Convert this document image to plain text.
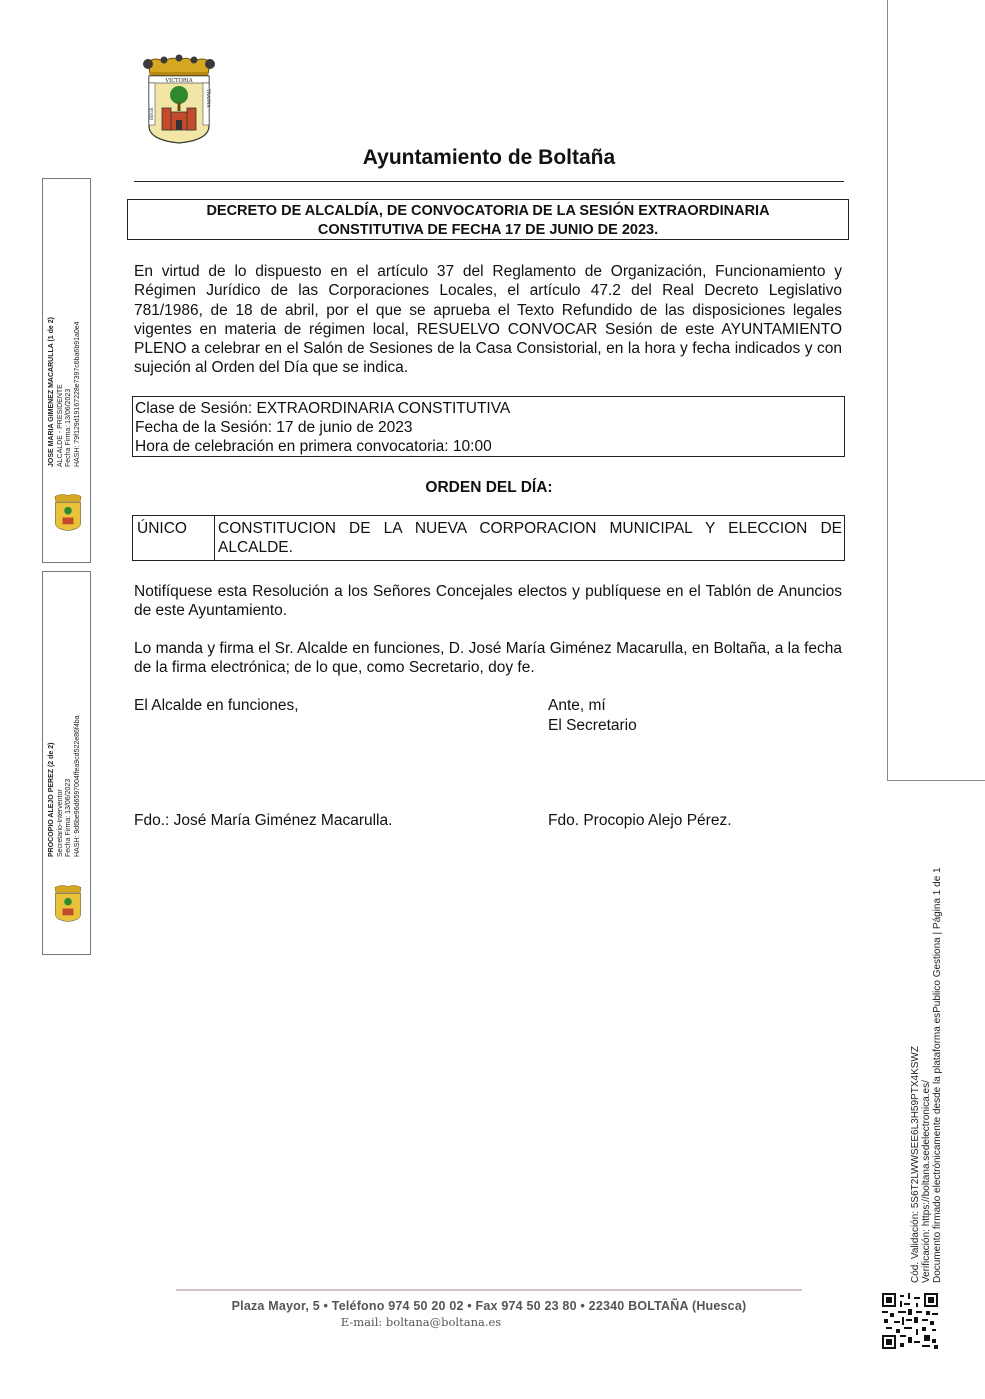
VICTORIA
REGE
TRASNA
Ayuntamiento de Boltaña
DECRETO DE ALCALDÍA, DE CONVOCATORIA DE LA SESIÓN EXTRAORDINARIA
CONSTITUTIVA DE FECHA 17 DE JUNIO DE 2023.
En virtud de lo dispuesto en el artículo 37 del Reglamento de Organización, Funcionamiento y Régimen Jurídico de las Corporaciones Locales, el artículo 47.2 del Real Decreto Legislativo 781/1986, de 18 de abril, por el que se aprueba el Texto Refundido de las disposiciones legales vigentes en materia de régimen local, RESUELVO CONVOCAR Sesión de este AYUNTAMIENTO PLENO a celebrar en el Salón de Sesiones de la Casa Consistorial, en la hora y fecha indicados y con sujeción al Orden del Día que se indica.
Clase de Sesión: EXTRAORDINARIA CONSTITUTIVA
Fecha de la Sesión: 17 de junio de 2023
Hora de celebración en primera convocatoria: 10:00
ORDEN DEL DÍA:
ÚNICO	CONSTITUCION DE LA NUEVA CORPORACION MUNICIPAL Y ELECCION DE ALCALDE.
Notifíquese esta Resolución a los Señores Concejales electos y publíquese en el Tablón de Anuncios de este Ayuntamiento.
Lo manda y firma el Sr. Alcalde en funciones, D. José María Giménez Macarulla, en Boltaña, a la fecha de la firma electrónica; de lo que, como Secretario, doy fe.
El Alcalde en funciones,	Ante, mí
El Secretario
Fdo.: José María Giménez Macarulla.	Fdo. Procopio Alejo Pérez.
JOSE MARIA GIMENEZ MACARULLA (1 de 2) ALCALDE - PRESIDENTE Fecha Firma: 13/06/2023 HASH: 79f129d19167228e7397c6ba6b91a0e4
PROCOPIO ALEJO PEREZ (2 de 2) Secretario-Interventor Fecha Firma: 13/06/2023 HASH: 9d6be96d6597004ffea9cd522e86f4ba
Cód. Validación: 5S6T2LWWSEE6L3H59PTX4KSWZ Verificación: https://boltana.sedelectronica.es/ Documento firmado electrónicamente desde la plataforma esPublico Gestiona | Página 1 de 1
Plaza Mayor, 5 • Teléfono 974 50 20 02 • Fax 974 50 23 80 • 22340 BOLTAÑA (Huesca)
E-mail: boltana@boltana.es
